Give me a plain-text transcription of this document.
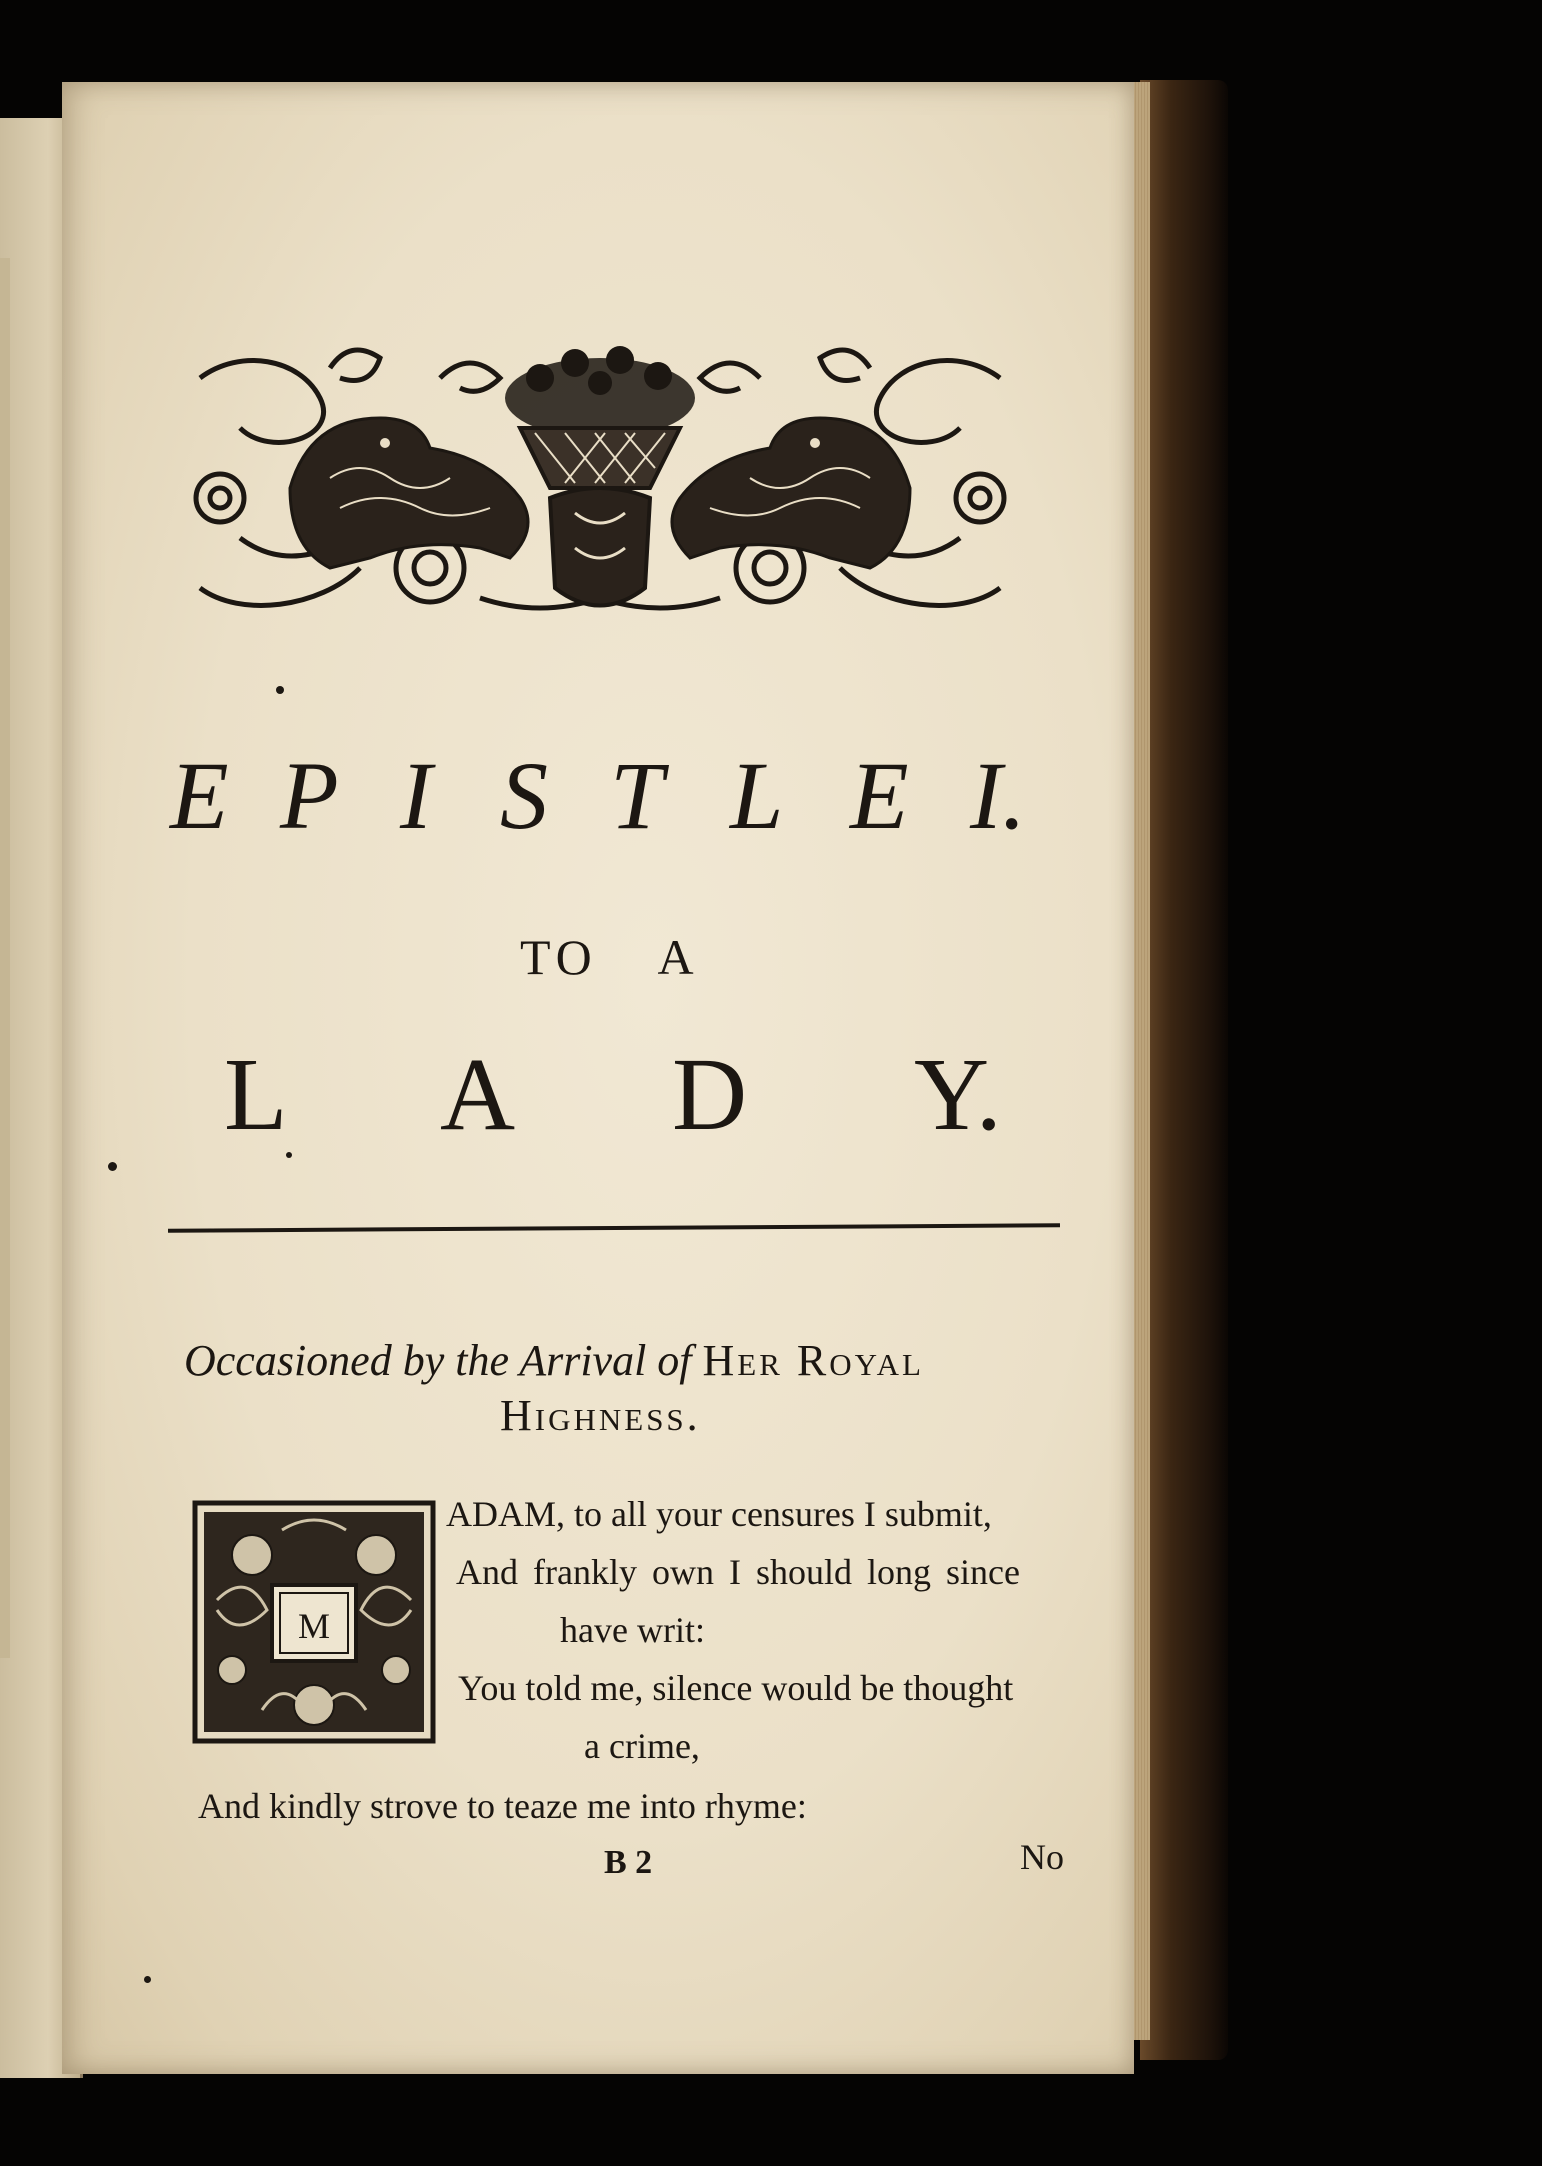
E P I S T L E I.
TO A
L A D Y.
Occasioned by the Arrival of Her Royal
Highness.
M
ADAM, to all your censures I submit,
And frankly own I should long since
have writ:
You told me, silence would be thought
a crime,
And kindly strove to teaze me into rhyme:
B 2	No
